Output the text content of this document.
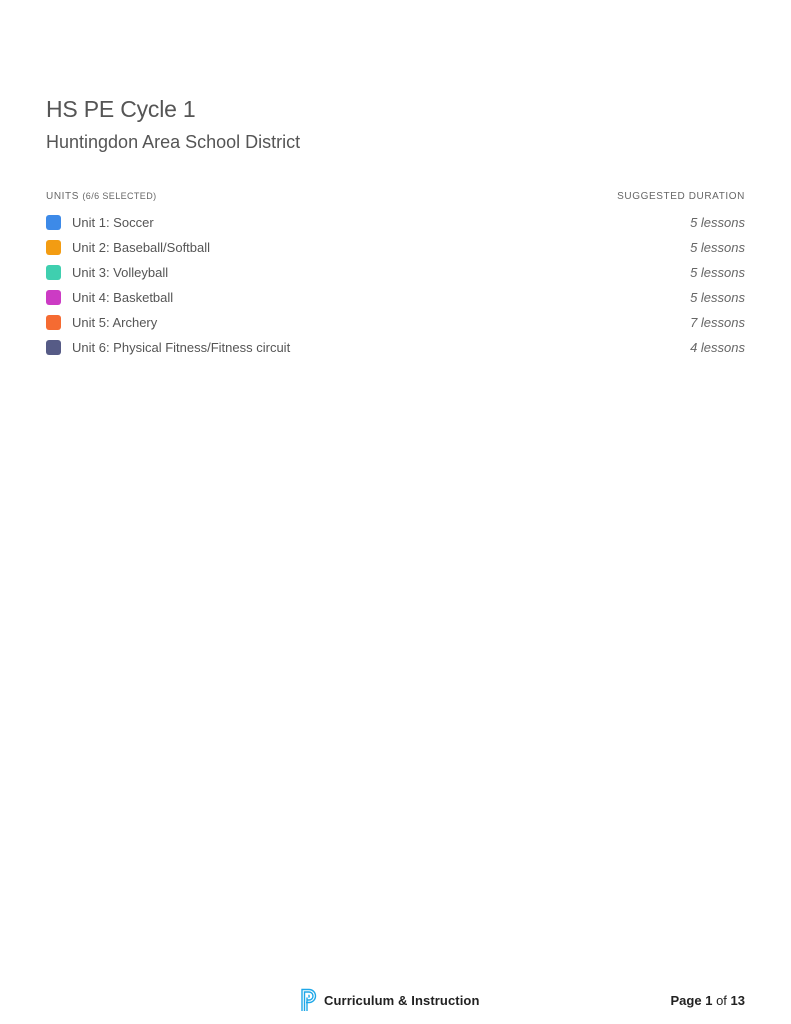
HS PE Cycle 1
Huntingdon Area School District
UNITS (6/6 SELECTED)	SUGGESTED DURATION
Unit 1: Soccer	5 lessons
Unit 2: Baseball/Softball	5 lessons
Unit 3: Volleyball	5 lessons
Unit 4: Basketball	5 lessons
Unit 5: Archery	7 lessons
Unit 6: Physical Fitness/Fitness circuit	4 lessons
Curriculum & Instruction	Page 1 of 13
